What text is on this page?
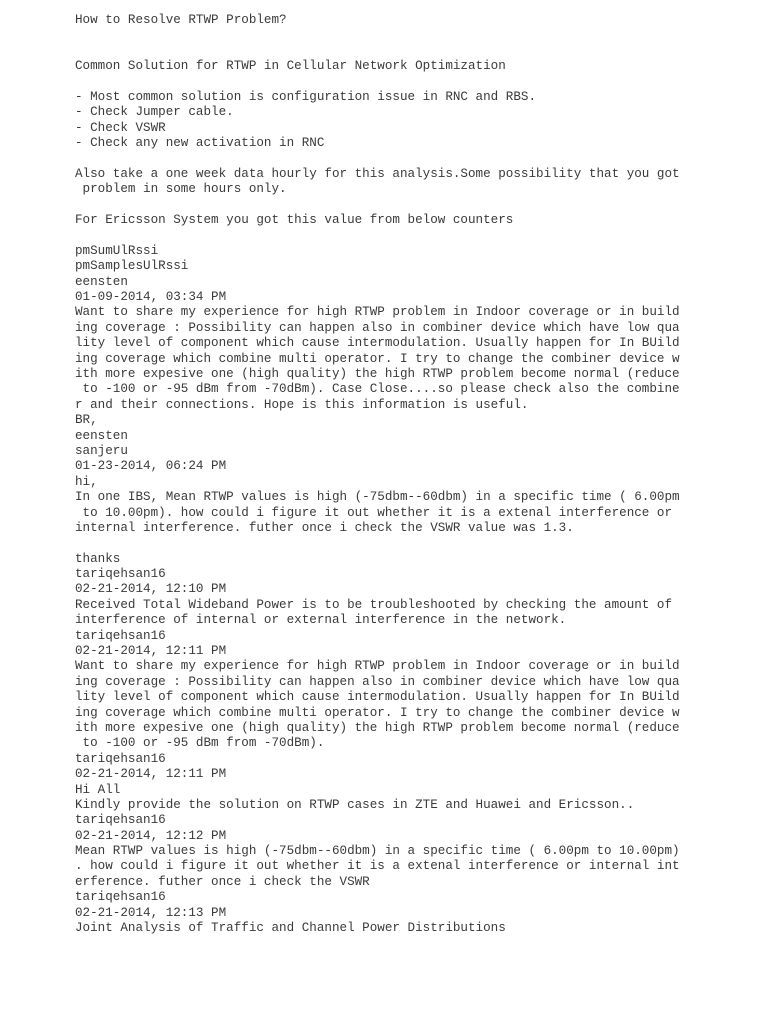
How to Resolve RTWP Problem?
Common Solution for RTWP in Cellular Network Optimization
- Most common solution is configuration issue in RNC and RBS.
- Check Jumper cable.
- Check VSWR
- Check any new activation in RNC
Also take a one week data hourly for this analysis.Some possibility that you got
problem in some hours only.
For Ericsson System you got this value from below counters
pmSumUlRssi
pmSamplesUlRssi
eensten
01-09-2014, 03:34 PM
Want to share my experience for high RTWP problem in Indoor coverage or in build
ing coverage : Possibility can happen also in combiner device which have low qua
lity level of component which cause intermodulation. Usually happen for In BUild
ing coverage which combine multi operator. I try to change the combiner device w
ith more expesive one (high quality) the high RTWP problem become normal (reduce
to -100 or -95 dBm from -70dBm). Case Close....so please check also the combine
r and their connections. Hope is this information is useful.
BR,
eensten
sanjeru
01-23-2014, 06:24 PM
hi,
In one IBS, Mean RTWP values is high (-75dbm--60dbm) in a specific time ( 6.00pm
to 10.00pm). how could i figure it out whether it is a extenal interference or
internal interference. futher once i check the VSWR value was 1.3.
thanks
tariqehsan16
02-21-2014, 12:10 PM
Received Total Wideband Power is to be troubleshooted by checking the amount of
interference of internal or external interference in the network.
tariqehsan16
02-21-2014, 12:11 PM
Want to share my experience for high RTWP problem in Indoor coverage or in build
ing coverage : Possibility can happen also in combiner device which have low qua
lity level of component which cause intermodulation. Usually happen for In BUild
ing coverage which combine multi operator. I try to change the combiner device w
ith more expesive one (high quality) the high RTWP problem become normal (reduce
to -100 or -95 dBm from -70dBm).
tariqehsan16
02-21-2014, 12:11 PM
Hi All
Kindly provide the solution on RTWP cases in ZTE and Huawei and Ericsson..
tariqehsan16
02-21-2014, 12:12 PM
Mean RTWP values is high (-75dbm--60dbm) in a specific time ( 6.00pm to 10.00pm)
. how could i figure it out whether it is a extenal interference or internal int
erference. futher once i check the VSWR
tariqehsan16
02-21-2014, 12:13 PM
Joint Analysis of Traffic and Channel Power Distributions
